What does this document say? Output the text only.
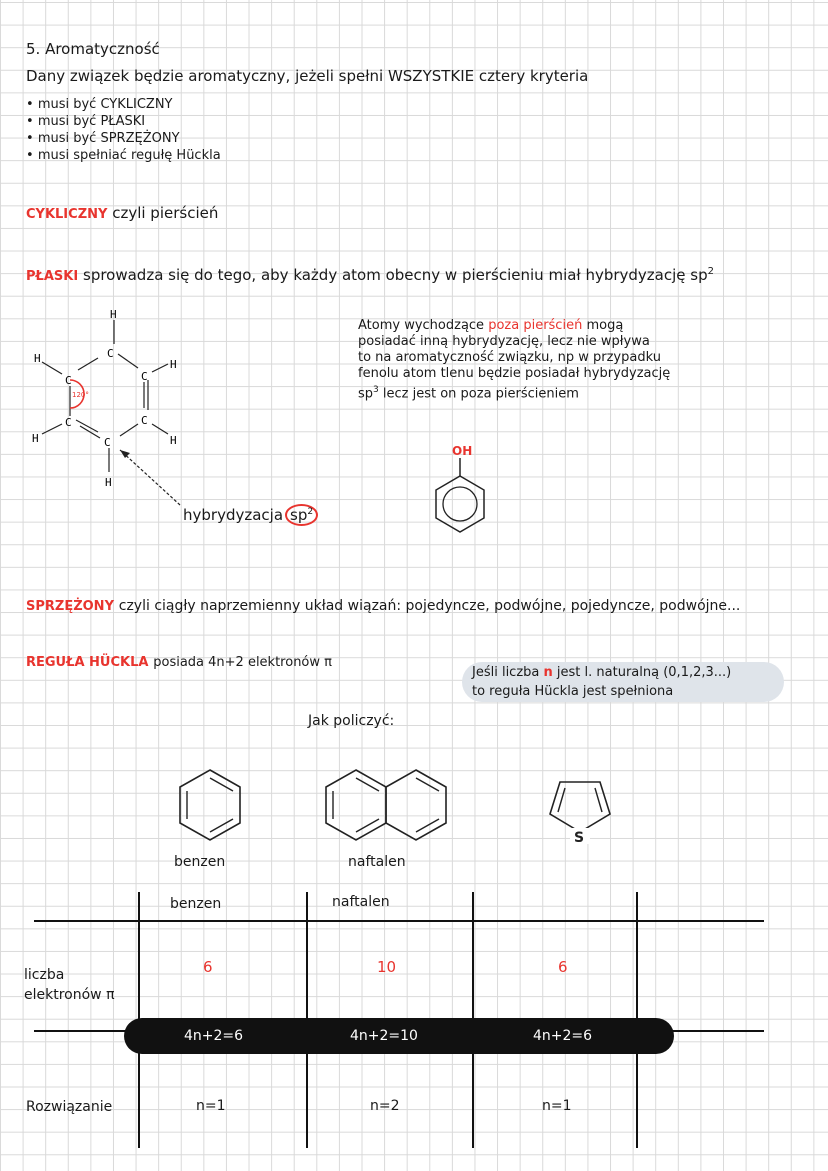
5. Aromatyczność
Dany związek będzie aromatyczny, jeżeli spełni WSZYSTKIE cztery kryteria
• musi być CYKLICZNY
• musi być PŁASKI
• musi być SPRZĘŻONY
• musi spełniać regułę Hückla
CYKLICZNY czyli pierścień
PŁASKI sprowadza się do tego, aby każdy atom obecny w pierścieniu miał hybrydyzację $sp^2$
H
C
H
C	C
H
C
H
C
H
C
H
120°
hybrydyzacja $sp^2$
Atomy wychodzące poza pierścień mogą
posiadać inną hybrydyzację, lecz nie wpływa
to na aromatyczność związku, np w przypadku
fenolu atom tlenu będzie posiadał hybrydyzację
$sp^3$ lecz jest on poza pierścieniem
OH
SPRZĘŻONY czyli ciągły naprzemienny układ wiązań: pojedyncze, podwójne, pojedyncze, podwójne...
REGUŁA HÜCKLA posiada 4n+2 elektronów π
Jeśli liczba n jest l. naturalną (0,1,2,3...)
to reguła Hückla jest spełniona
Jak policzyć:
benzen	naftalen
S
benzen	naftalen
liczba
elektronów π
6	10	6
4n+2=6	4n+2=10	4n+2=6
Rozwiązanie	n=1	n=2	n=1
